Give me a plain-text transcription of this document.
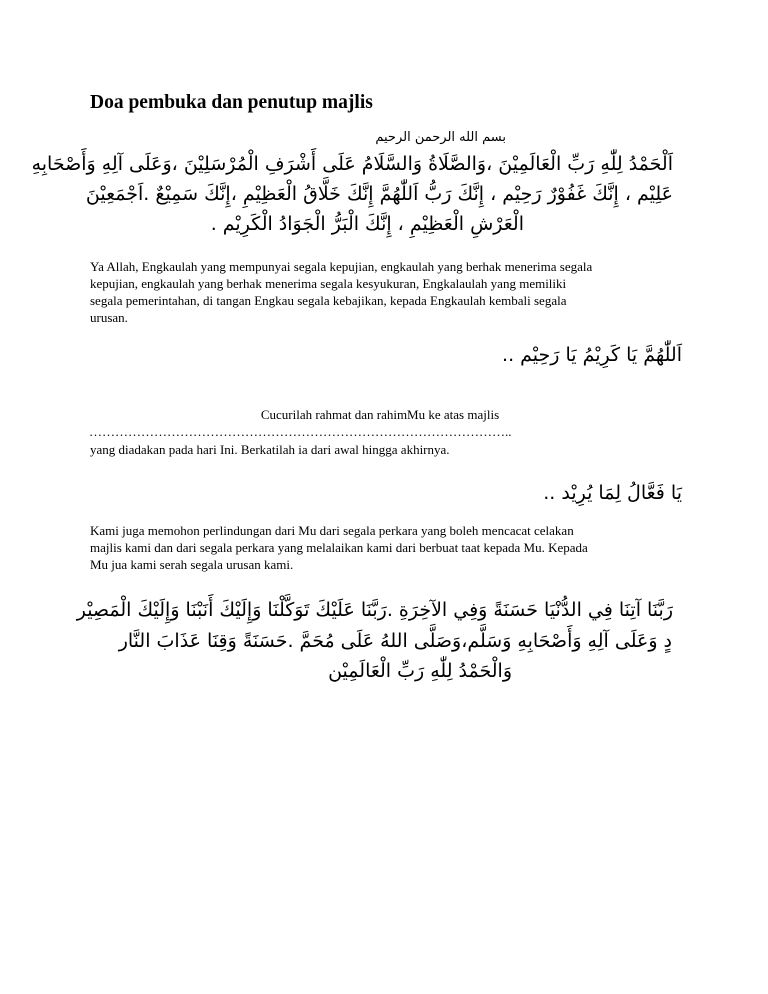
Doa pembuka dan penutup majlis
بسم الله الرحمن الرحيم
اَلْحَمْدُ لِلّٰهِ رَبِّ الْعَالَمِيْنَ ،وَالصَّلَاةُ وَالسَّلَامُ عَلَى أَشْرَفِ الْمُرْسَلِيْنَ ،وَعَلَى آلِهِ وَأَصْحَابِهِ
عَلِيْم ، إِنَّكَ غَفُوْرٌ رَحِيْم ، إِنَّكَ رَبُّ اَللّٰهُمَّ إِنَّكَ خَلَّاقُ الْعَظِيْمِ ،إِنَّكَ سَمِيْعٌ .اَجْمَعِيْنَ
الْعَرْشِ الْعَظِيْمِ ، إِنَّكَ الْبَرُّ الْجَوَادُ الْكَرِيْم .
Ya Allah, Engkaulah yang mempunyai segala kepujian, engkaulah yang berhak menerima segala
kepujian, engkaulah yang berhak menerima segala kesyukuran, Engkalaulah yang memiliki
segala pemerintahan, di tangan Engkau segala kebajikan, kepada Engkaulah kembali segala
urusan.
اَللّٰهُمَّ يَا كَرِيْمُ يَا رَحِيْم ..
Cucurilah rahmat dan rahimMu ke atas majlis
……………………………………………………………………………………..
yang diadakan pada hari Ini. Berkatilah ia dari awal hingga akhirnya.
يَا فَعَّالُ لِمَا يُرِيْد ..
Kami juga memohon perlindungan dari Mu dari segala perkara yang boleh mencacat celakan
majlis kami dan dari segala perkara yang melalaikan kami dari berbuat taat kepada Mu. Kepada
Mu jua kami serah segala urusan kami.
رَبَّنَا آتِنَا فِي الدُّنْيَا حَسَنَةً وَفِي الآخِرَةِ .رَبَّنَا عَلَيْكَ تَوَكَّلْنَا وَإِلَيْكَ أَنَبْنَا وَإِلَيْكَ الْمَصِيْر
دٍ وَعَلَى آلِهِ وَأَصْحَابِهِ وَسَلَّم،وَصَلَّى اللهُ عَلَى مُحَمَّ .حَسَنَةً وَقِنَا عَذَابَ النَّار
وَالْحَمْدُ لِلّٰهِ رَبِّ الْعَالَمِيْن
